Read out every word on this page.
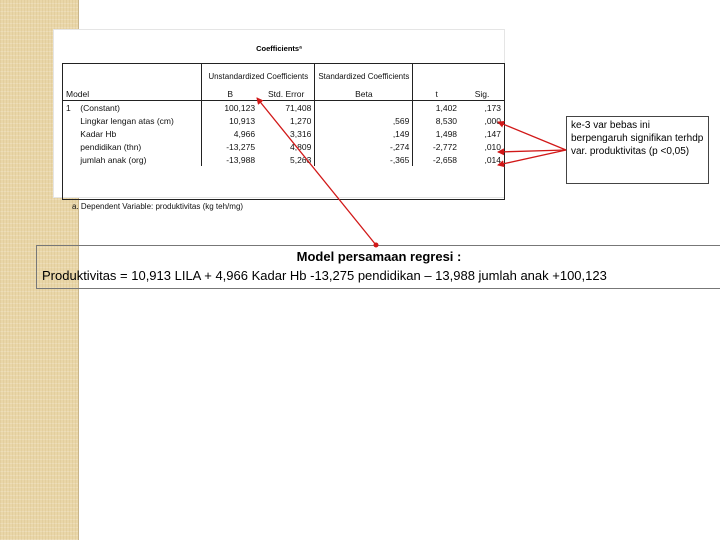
Coefficientsª
		Unstandardized Coefficients		Standardized Coefficients		
Model		B	Std. Error	Beta	t	Sig.
1	(Constant)	100,123	71,408		1,402	,173
	Lingkar lengan atas (cm)	10,913	1,270	,569	8,530	,000
	Kadar Hb	4,966	3,316	,149	1,498	,147
	pendidikan (thn)	-13,275	4,809	-,274	-2,772	,010
	jumlah anak (org)	-13,988	5,263	-,365	-2,658	,014
a. Dependent Variable: produktivitas (kg teh/mg)
ke-3 var bebas ini berpengaruh signifikan terhdp var. produktivitas (p <0,05)
Model persamaan regresi :
Produktivitas = 10,913 LILA + 4,966 Kadar Hb -13,275 pendidikan – 13,988 jumlah anak +100,123
